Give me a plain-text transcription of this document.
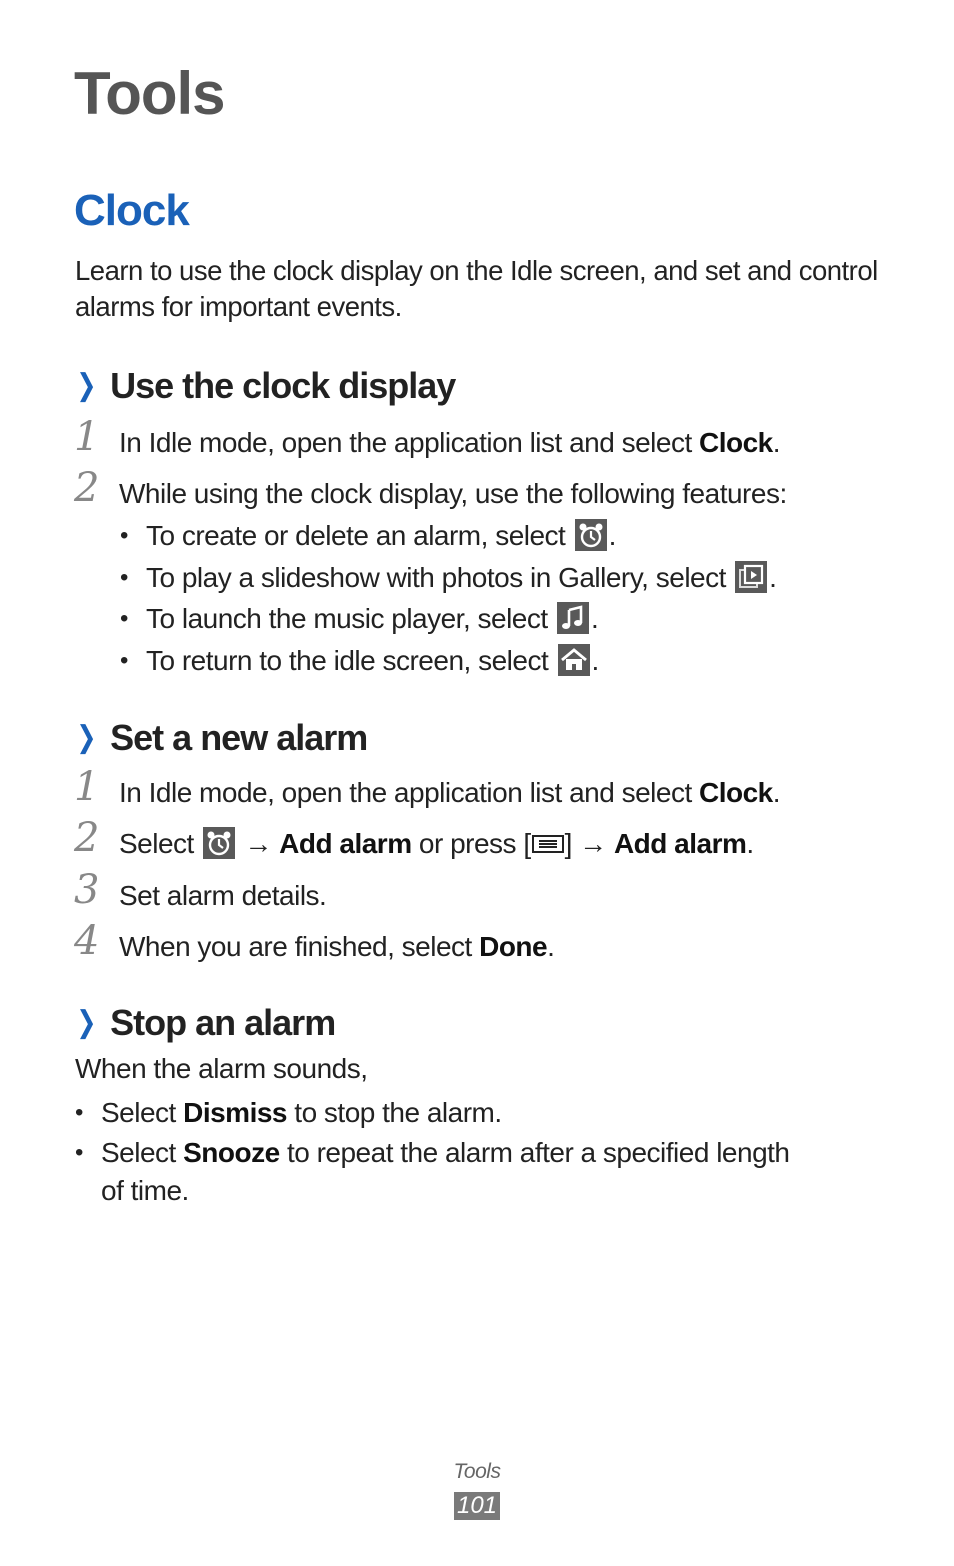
Tools
Clock

Learn to use the clock display on the Idle screen, and set and control alarms for important events.

❯ Use the clock display
1 In Idle mode, open the application list and select Clock.
2 While using the clock display, use the following features:
• To create or delete an alarm, select
.
• To play a slideshow with photos in Gallery, select
.
• To launch the music player, select
.
• To return to the idle screen, select
.
❯ Set a new alarm
1 In Idle mode, open the application list and select Clock.
2 Select
→ Add alarm or press [ ] → Add alarm.
3 Set alarm details.
4 When you are finished, select Done.
❯ Stop an alarm

When the alarm sounds,

• Select Dismiss to stop the alarm.
• Select Snooze to repeat the alarm after a specified length
of time.
Tools
101
